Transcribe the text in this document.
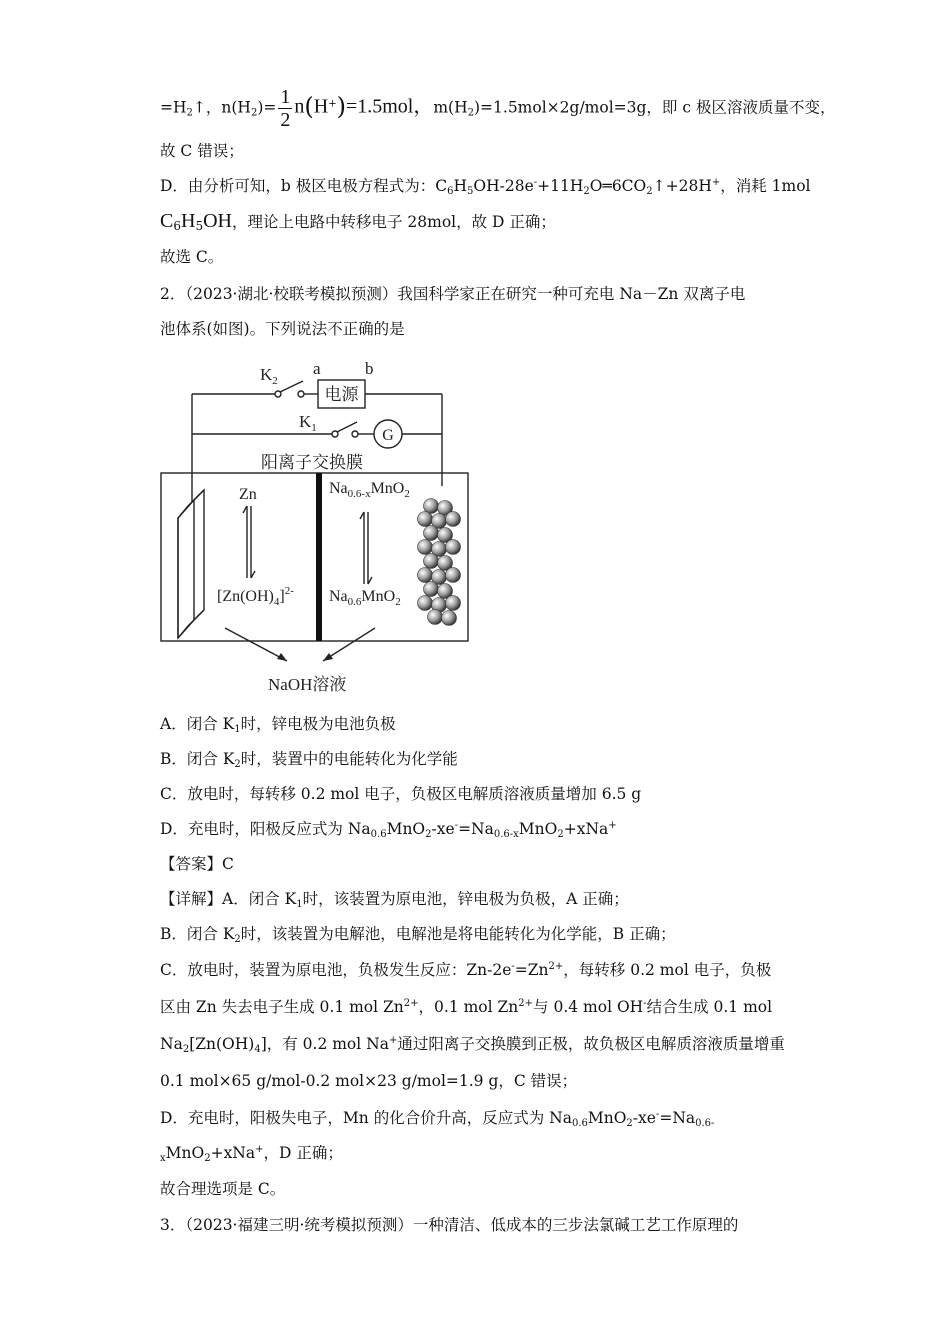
$=H_2↑$，$n(H_2)= \frac{1}{2} n(H^+)=1.5mol$，$m(H_2)=1.5mol\times 2g/mol=3g$，即 c 极区溶液质量不变，
故 C 错误；
D．由分析可知，b 极区电极方程式为：$C_6H_5OH-28e^-+11H_2O═6CO_2↑+28H^+$，消耗 1mol
$C_6H_5OH$，理论上电路中转移电子 28mol，故 D 正确；
故选 C。
2．（2023·湖北·校联考模拟预测）我国科学家正在研究一种可充电 Na－Zn 双离子电
池体系(如图)。下列说法不正确的是
$K_2$
a	b
电源
$K_1$	G
阳离子交换膜
Zn
$[Zn(OH)_4]^{2-}$
$Na_{0.6-x}MnO_2$
$Na_{0.6}MnO_2$
NaOH溶液
A．闭合 $K_1$时，锌电极为电池负极
B．闭合 $K_2$时，装置中的电能转化为化学能
C．放电时，每转移 0.2 mol 电子，负极区电解质溶液质量增加 6.5 g
D．充电时，阳极反应式为 $Na_{0.6}MnO_2-xe^-=Na_{0.6-x}MnO_2+xNa^+$
【答案】C
【详解】A．闭合 $K_1$时，该装置为原电池，锌电极为负极，A 正确；
B．闭合 $K_2$时，该装置为电解池，电解池是将电能转化为化学能，B 正确；
C．放电时，装置为原电池，负极发生反应：$Zn-2e^-=Zn^{2+}$，每转移 0.2 mol 电子，负极
区由 Zn 失去电子生成 0.1 mol $Zn^{2+}$，0.1 mol $Zn^{2+}$与 0.4 mol OH-结合生成 0.1 mol
$Na_2[Zn(OH)_4]$，有 0.2 mol Na+通过阳离子交换膜到正极，故负极区电解质溶液质量增重
0.1 mol×65 g/mol-0.2 mol×23 g/mol=1.9 g，C 错误；
D．充电时，阳极失电子，Mn 的化合价升高，反应式为 $Na_{0.6}MnO_2-xe^-=Na_{0.6-}$
$_x$MnO$_2$+xNa+，D 正确；
故合理选项是 C。
3．（2023·福建三明·统考模拟预测）一种清洁、低成本的三步法氯碱工艺工作原理的
